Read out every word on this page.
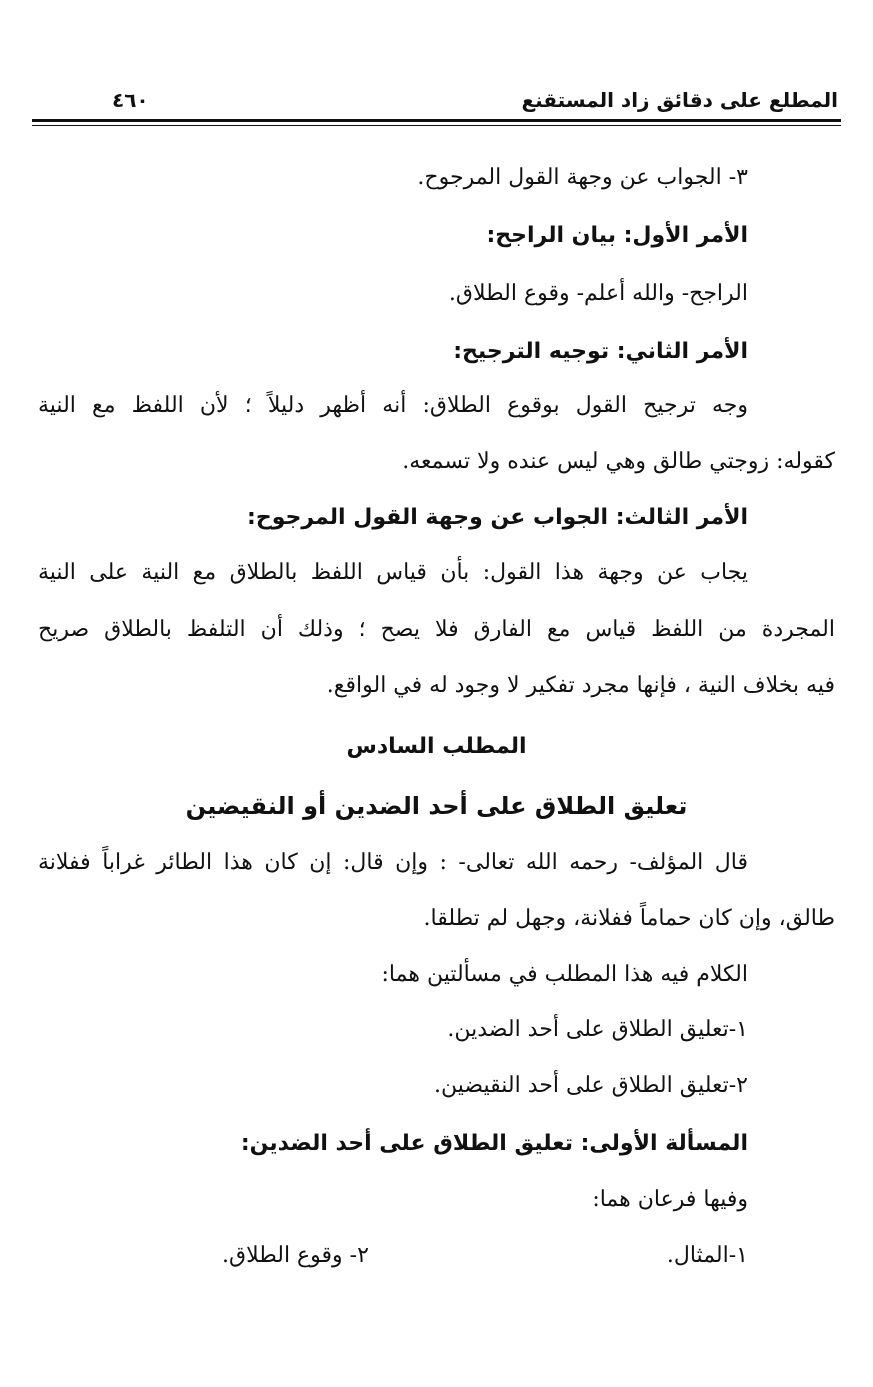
المطلع على دقائق زاد المستقنع
٤٦٠
٣- الجواب عن وجهة القول المرجوح.
الأمر الأول: بيان الراجح:
الراجح- والله أعلم- وقوع الطلاق.
الأمر الثاني: توجيه الترجيح:
وجه ترجيح القول بوقوع الطلاق: أنه أظهر دليلاً ؛ لأن اللفظ مع النية
كقوله: زوجتي طالق وهي ليس عنده ولا تسمعه.
الأمر الثالث: الجواب عن وجهة القول المرجوح:
يجاب عن وجهة هذا القول: بأن قياس اللفظ بالطلاق مع النية على النية
المجردة من اللفظ قياس مع الفارق فلا يصح ؛ وذلك أن التلفظ بالطلاق صريح
فيه بخلاف النية ، فإنها مجرد تفكير لا وجود له في الواقع.
المطلب السادس
تعليق الطلاق على أحد الضدين أو النقيضين
قال المؤلف- رحمه الله تعالى- : وإن قال: إن كان هذا الطائر غراباً ففلانة
طالق، وإن كان حماماً ففلانة، وجهل لم تطلقا.
الكلام فيه هذا المطلب في مسألتين هما:
١-تعليق الطلاق على أحد الضدين.
٢-تعليق الطلاق على أحد النقيضين.
المسألة الأولى: تعليق الطلاق على أحد الضدين:
وفيها فرعان هما:
١-المثال.
٢- وقوع الطلاق.
